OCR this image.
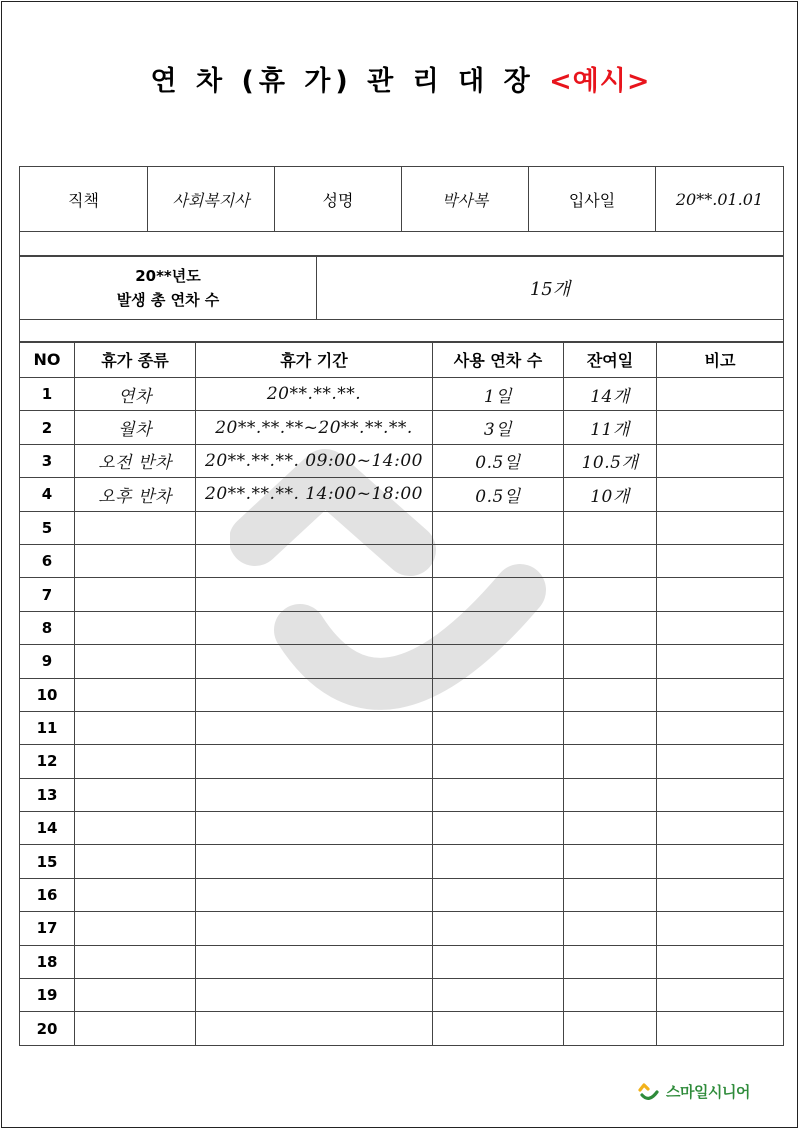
연 차 (휴 가) 관 리 대 장 <예시>
직책	사회복지사	성명	박사복	입사일	20**.01.01

20**년도
발생 총 연차 수	15개

NO	휴가 종류	휴가 기간	사용 연차 수	잔여일	비고
1	연차	20**.**.**.	1일	14개	
2	월차	20**.**.**~20**.**.**.	3일	11개	
3	오전 반차	20**.**.**. 09:00~14:00	0.5일	10.5개	
4	오후 반차	20**.**.**. 14:00~18:00	0.5일	10개	
5					
6					
7					
8					
9					
10					
11					
12					
13					
14					
15					
16					
17					
18					
19					
20					
스마일시니어
